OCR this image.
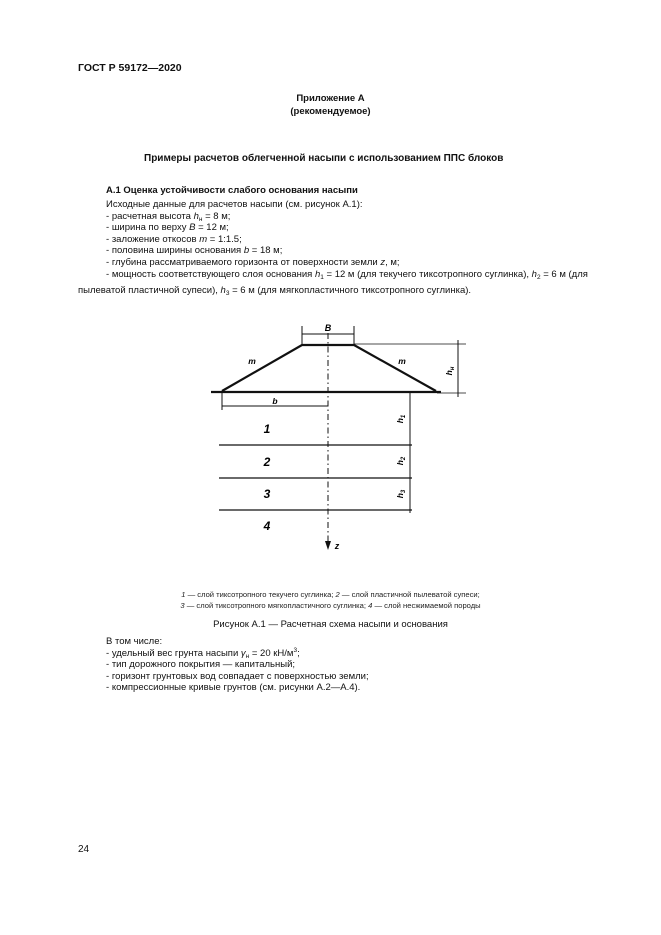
ГОСТ Р 59172—2020
Приложение А
(рекомендуемое)
Примеры расчетов облегченной насыпи с использованием ППС блоков
А.1 Оценка устойчивости слабого основания насыпи
Исходные данные для расчетов насыпи (см. рисунок А.1):
- расчетная высота $h_н = 8$ м;
- ширина по верху B = 12 м;
- заложение откосов m = 1:1.5;
- половина ширины основания b = 18 м;
- глубина рассматриваемого горизонта от поверхности земли z, м;
- мощность соответствующего слоя основания $h_1 = 12$ м (для текучего тиксотропного суглинка), $h_2 = 6$ м (для
пылеватой пластичной супеси), $h_3 = 6$ м (для мягкопластичного тиксотропного суглинка).
B
m	m
b
$h_н$
$h_1$
$h_2$
$h_3$
1
2
3
4
z
1 — слой тиксотропного текучего суглинка; 2 — слой пластичной пылеватой супеси;
3 — слой тиксотропного мягкопластичного суглинка; 4 — слой несжимаемой породы
Рисунок А.1 — Расчетная схема насыпи и основания
В том числе:
- удельный вес грунта насыпи $\gamma_н = 20$ $кН/м^3$;
- тип дорожного покрытия — капитальный;
- горизонт грунтовых вод совпадает с поверхностью земли;
- компрессионные кривые грунтов (см. рисунки А.2—А.4).
24
